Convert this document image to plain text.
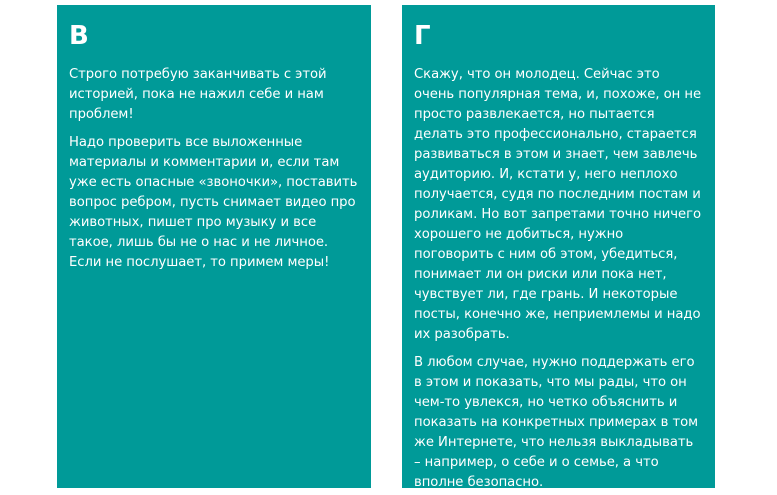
В

Строго потребую заканчивать с этой историей, пока не нажил себе и нам проблем!

Надо проверить все выложенные материалы и комментарии и, если там уже есть опасные «звоночки», поставить вопрос ребром, пусть снимает видео про животных, пишет про музыку и все такое, лишь бы не о нас и не личное. Если не послушает, то примем меры!

Г

Скажу, что он молодец. Сейчас это очень популярная тема, и, похоже, он не просто развлекается, но пытается делать это профессионально, старается развиваться в этом и знает, чем завлечь аудиторию. И, кстати у, него неплохо получается, судя по последним постам и роликам. Но вот запретами точно ничего хорошего не добиться, нужно поговорить с ним об этом, убедиться, понимает ли он риски или пока нет, чувствует ли, где грань. И некоторые посты, конечно же, неприемлемы и надо их разобрать.

В любом случае, нужно поддержать его в этом и показать, что мы рады, что он чем-то увлекся, но четко объяснить и показать на конкретных примерах в том же Интернете, что нельзя выкладывать – например, о себе и о семье, а что вполне безопасно.
